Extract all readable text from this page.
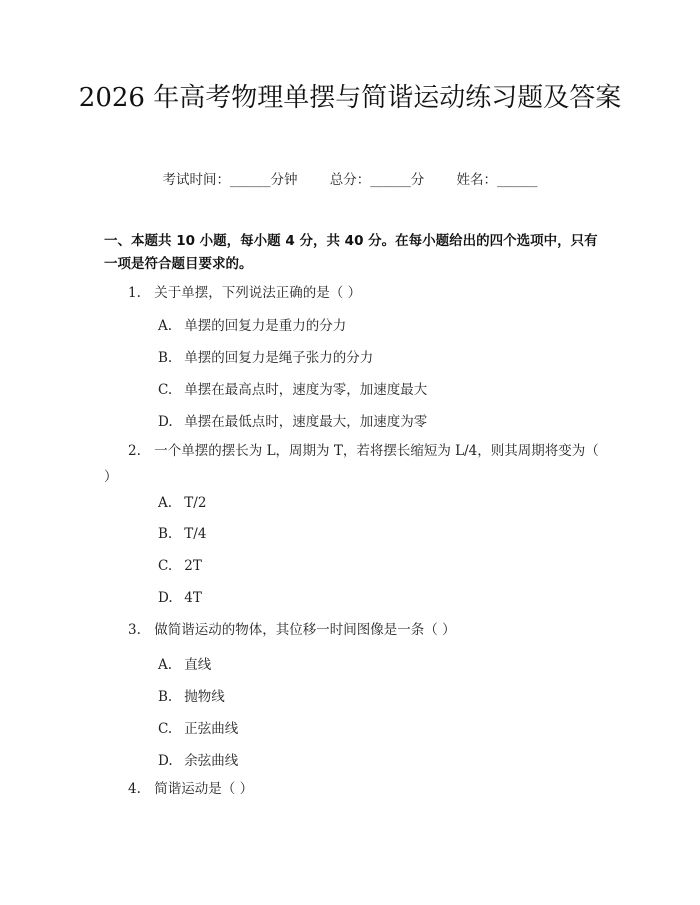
2026 年高考物理单摆与简谐运动练习题及答案
考试时间：______分钟 总分：______分 姓名：______
一、本题共 10 小题，每小题 4 分，共 40 分。在每小题给出的四个选项中，只有一项是符合题目要求的。
1. 关于单摆，下列说法正确的是（ ）
A. 单摆的回复力是重力的分力
B. 单摆的回复力是绳子张力的分力
C. 单摆在最高点时，速度为零，加速度最大
D. 单摆在最低点时，速度最大，加速度为零
2. 一个单摆的摆长为 L，周期为 T，若将摆长缩短为 L/4，则其周期将变为（ ）
A. T/2
B. T/4
C. 2T
D. 4T
3. 做简谐运动的物体，其位移一时间图像是一条（ ）
A. 直线
B. 抛物线
C. 正弦曲线
D. 余弦曲线
4. 简谐运动是（ ）
